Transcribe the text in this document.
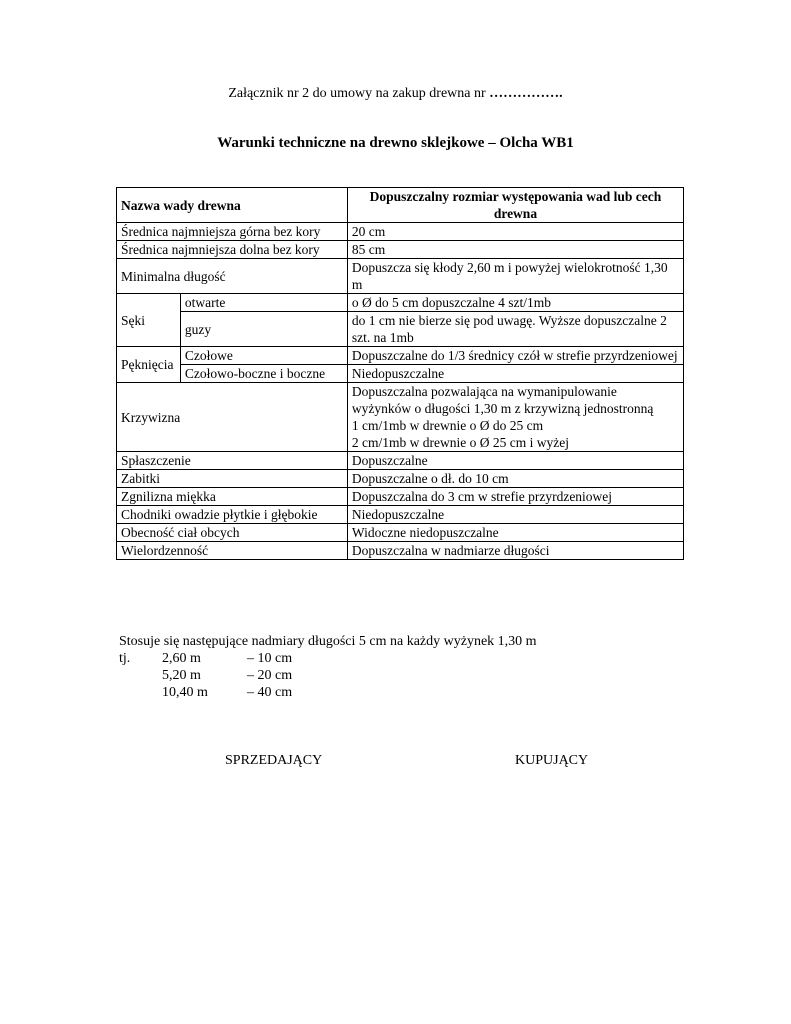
Załącznik nr 2 do umowy na zakup drewna nr …………….
Warunki techniczne na drewno sklejkowe – Olcha WB1
Nazwa wady drewna		Dopuszczalny rozmiar występowania wad lub cech drewna
Średnica najmniejsza górna bez kory		20 cm

Średnica najmniejsza dolna bez kory		85 cm

Minimalna długość		Dopuszcza się kłody 2,60 m i powyżej wielokrotność 1,30 m

Sęki	otwarte	o Ø do 5 cm dopuszczalne 4 szt/1mb

	guzy	do 1 cm nie bierze się pod uwagę. Wyższe dopuszczalne 2 szt. na 1mb

Pęknięcia	Czołowe	Dopuszczalne do 1/3 średnicy czół w strefie przyrdzeniowej

	Czołowo-boczne i boczne	Niedopuszczalne

Krzywizna		Dopuszczalna pozwalająca na wymanipulowanie wyżynków o długości 1,30 m z krzywizną jednostronną
1 cm/1mb w drewnie o Ø do 25 cm
2 cm/1mb w drewnie o Ø 25 cm i wyżej

Spłaszczenie		Dopuszczalne

Zabitki		Dopuszczalne o dł. do 10 cm

Zgnilizna miękka		Dopuszczalna do 3 cm w strefie przyrdzeniowej

Chodniki owadzie płytkie i głębokie		Niedopuszczalne

Obecność ciał obcych		Widoczne niedopuszczalne

Wielordzenność		Dopuszczalna w nadmiarze długości
Stosuje się następujące nadmiary długości 5 cm na każdy wyżynek 1,30 m
tj. 2,60 m	– 10 cm
5,20 m	– 20 cm
10,40 m	– 40 cm
SPRZEDAJĄCY	KUPUJĄCY
